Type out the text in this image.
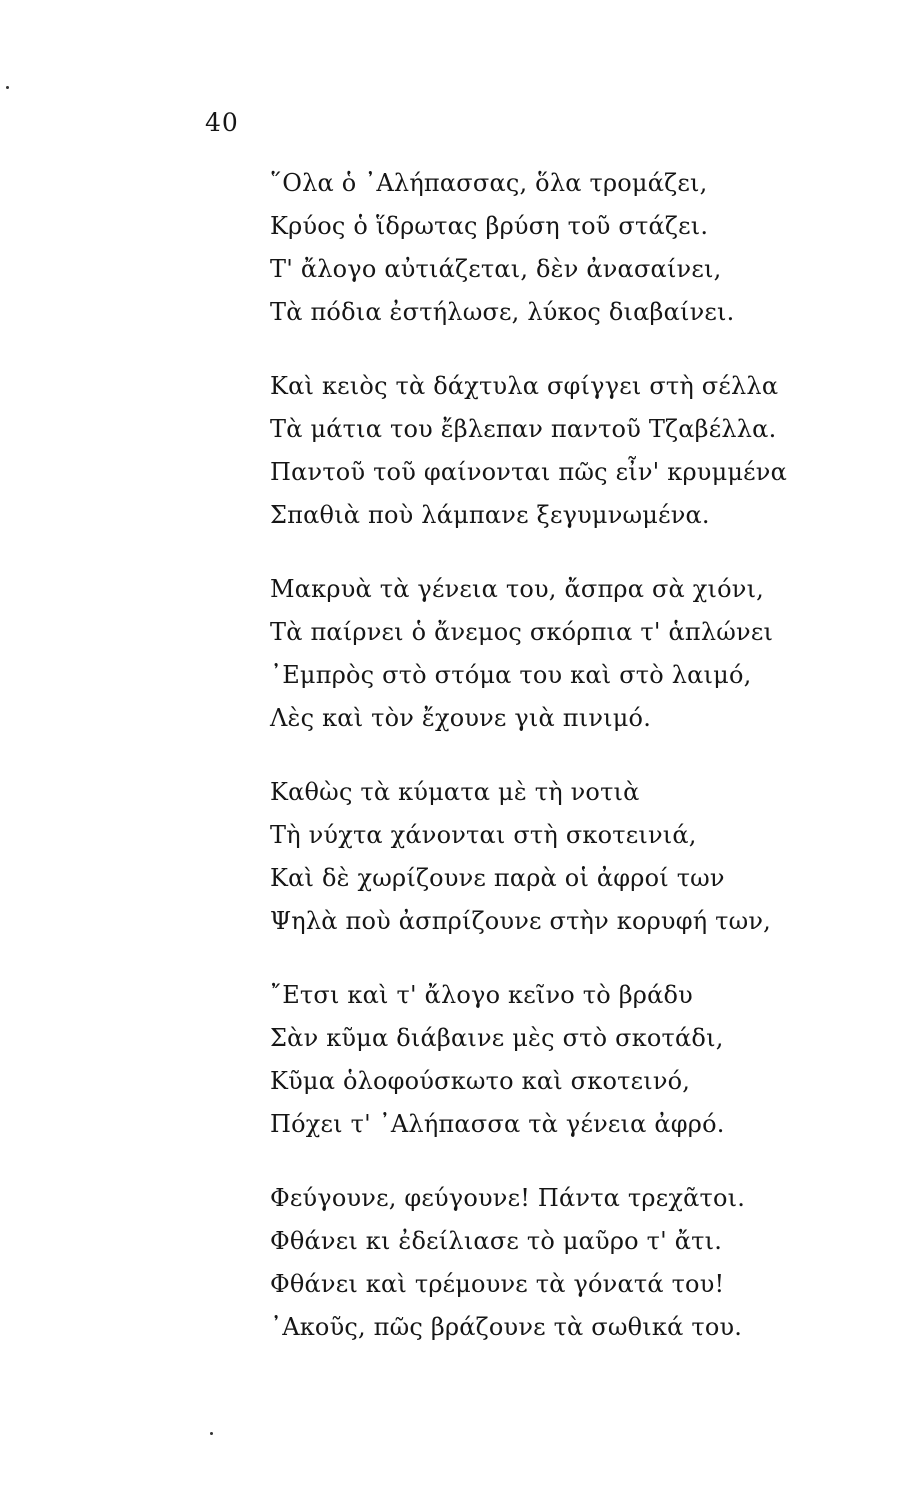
40
῞Ολα ὁ ᾿Αλήπασσας, ὅλα τρομάζει,
Κρύος ὁ ἵδρωτας βρύση τοῦ στάζει.
Τ' ἄλογο αὐτιάζεται, δὲν ἀνασαίνει,
Τὰ πόδια ἐστήλωσε, λύκος διαβαίνει.
Καὶ κειὸς τὰ δάχτυλα σφίγγει στὴ σέλλα
Τὰ μάτια του ἔβλεπαν παντοῦ Τζαβέλλα.
Παντοῦ τοῦ φαίνονται πῶς εἶν' κρυμμένα
Σπαθιὰ ποὺ λάμπανε ξεγυμνωμένα.
Μακρυὰ τὰ γένεια του, ἄσπρα σὰ χιόνι,
Τὰ παίρνει ὁ ἄνεμος σκόρπια τ' ἁπλώνει
᾿Εμπρὸς στὸ στόμα του καὶ στὸ λαιμό,
Λὲς καὶ τὸν ἔχουνε γιὰ πινιμό.
Καθὼς τὰ κύματα μὲ τὴ νοτιὰ
Τὴ νύχτα χάνονται στὴ σκοτεινιά,
Καὶ δὲ χωρίζουνε παρὰ οἱ ἀφροί των
Ψηλὰ ποὺ ἀσπρίζουνε στὴν κορυφή των,
῎Ετσι καὶ τ' ἄλογο κεῖνο τὸ βράδυ
Σὰν κῦμα διάβαινε μὲς στὸ σκοτάδι,
Κῦμα ὁλοφούσκωτο καὶ σκοτεινό,
Πόχει τ' ᾿Αλήπασσα τὰ γένεια ἀφρό.
Φεύγουνε, φεύγουνε! Πάντα τρεχᾶτοι.
Φθάνει κι ἐδείλιασε τὸ μαῦρο τ' ἄτι.
Φθάνει καὶ τρέμουνε τὰ γόνατά του!
᾿Ακοῦς, πῶς βράζουνε τὰ σωθικά του.
